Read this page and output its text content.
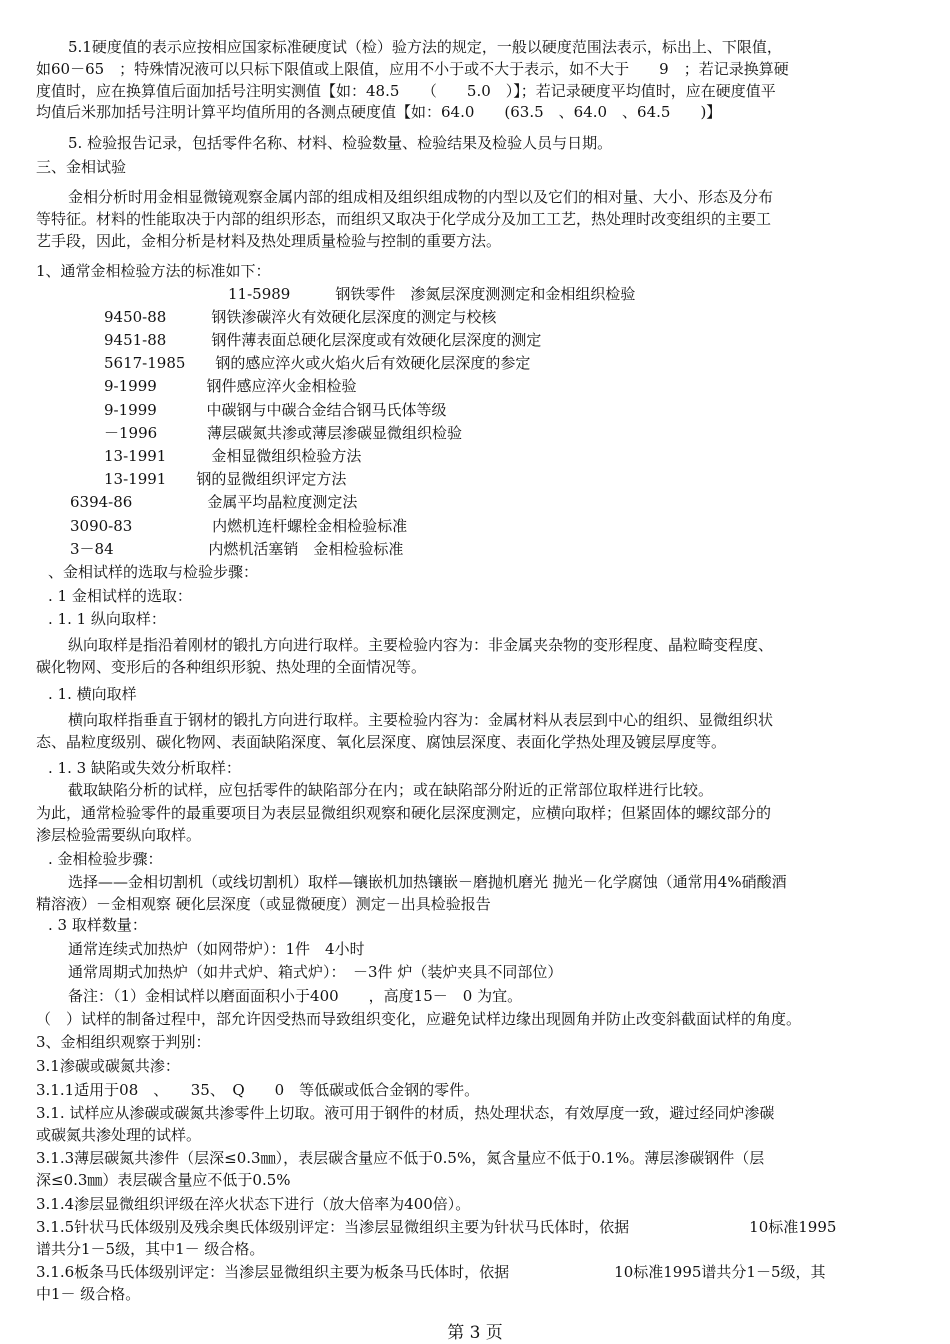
5.1硬度值的表示应按相应国家标准硬度试（检）验方法的规定，一般以硬度范围法表示，标出上、下限值，
如60－65　；特殊情况液可以只标下限值或上限值，应用不小于或不大于表示，如不大于　　9　；若记录换算硬
度值时，应在换算值后面加括号注明实测值【如：48.5　　（　　5.0　）】；若记录硬度平均值时，应在硬度值平
均值后米那加括号注明计算平均值所用的各测点硬度值【如：64.0　　(63.5　、64.0　、64.5　　)】
5. 检验报告记录，包括零件名称、材料、检验数量、检验结果及检验人员与日期。
三、金相试验
金相分析时用金相显微镜观察金属内部的组成相及组织组成物的内型以及它们的相对量、大小、形态及分布
等特征。材料的性能取决于内部的组织形态，而组织又取决于化学成分及加工工艺，热处理时改变组织的主要工
艺手段，因此，金相分析是材料及热处理质量检验与控制的重要方法。
1、通常金相检验方法的标准如下：
11-5989　　　钢铁零件　渗氮层深度测测定和金相组织检验
9450-88　　　钢铁渗碳淬火有效硬化层深度的测定与校核
9451-88　　　钢件薄表面总硬化层深度或有效硬化层深度的测定
5617-1985　　钢的感应淬火或火焰火后有效硬化层深度的参定
9-1999　　　 钢件感应淬火金相检验
9-1999　　　 中碳钢与中碳合金结合钢马氏体等级
－1996　　　 薄层碳氮共渗或薄层渗碳显微组织检验
13-1991　　　金相显微组织检验方法
13-1991　　钢的显微组织评定方法
6394-86　　　　　金属平均晶粒度测定法
3090-83　　　　　 内燃机连杆螺栓金相检验标准
3－84　　　　　　 内燃机活塞销　金相检验标准
、金相试样的选取与检验步骤：
. 1 金相试样的选取：
. 1. 1 纵向取样：
纵向取样是指沿着刚材的锻扎方向进行取样。主要检验内容为：非金属夹杂物的变形程度、晶粒畸变程度、
碳化物网、变形后的各种组织形貌、热处理的全面情况等。
. 1. 横向取样
横向取样指垂直于钢材的锻扎方向进行取样。主要检验内容为：金属材料从表层到中心的组织、显微组织状
态、晶粒度级别、碳化物网、表面缺陷深度、氧化层深度、腐蚀层深度、表面化学热处理及镀层厚度等。
. 1. 3 缺陷或失效分析取样：
截取缺陷分析的试样，应包括零件的缺陷部分在内；或在缺陷部分附近的正常部位取样进行比较。
为此，通常检验零件的最重要项目为表层显微组织观察和硬化层深度测定，应横向取样；但紧固体的螺纹部分的
渗层检验需要纵向取样。
. 金相检验步骤：
选择——金相切割机（或线切割机）取样—镶嵌机加热镶嵌－磨抛机磨光 抛光－化学腐蚀（通常用4%硝酸酒
精溶液）－金相观察 硬化层深度（或显微硬度）测定－出具检验报告
. 3 取样数量：
通常连续式加热炉（如网带炉）：1件　4小时
通常周期式加热炉（如井式炉、箱式炉）：　－3件 炉（装炉夹具不同部位）
备注：（1）金相试样以磨面面积小于400　　，高度15－　0 为宜。
（　）试样的制备过程中，部允许因受热而导致组织变化，应避免试样边缘出现圆角并防止改变斜截面试样的角度。
3、金相组织观察于判别：
3.1渗碳或碳氮共渗：
3.1.1适用于08　、　　35、　Q　　0　等低碳或低合金钢的零件。
3.1. 试样应从渗碳或碳氮共渗零件上切取。液可用于钢件的材质，热处理状态，有效厚度一致，避过经同炉渗碳
或碳氮共渗处理的试样。
3.1.3薄层碳氮共渗件（层深≤0.3㎜），表层碳含量应不低于0.5%，氮含量应不低于0.1%。薄层渗碳钢件（层
深≤0.3㎜）表层碳含量应不低于0.5%
3.1.4渗层显微组织评级在淬火状态下进行（放大倍率为400倍）。
3.1.5针状马氏体级别及残余奥氏体级别评定：当渗层显微组织主要为针状马氏体时，依据　　　　　　　　10标准1995
谱共分1－5级，其中1－ 级合格。
3.1.6板条马氏体级别评定：当渗层显微组织主要为板条马氏体时，依据　　　　　　　10标准1995谱共分1－5级，其
中1－ 级合格。
第 3 页
